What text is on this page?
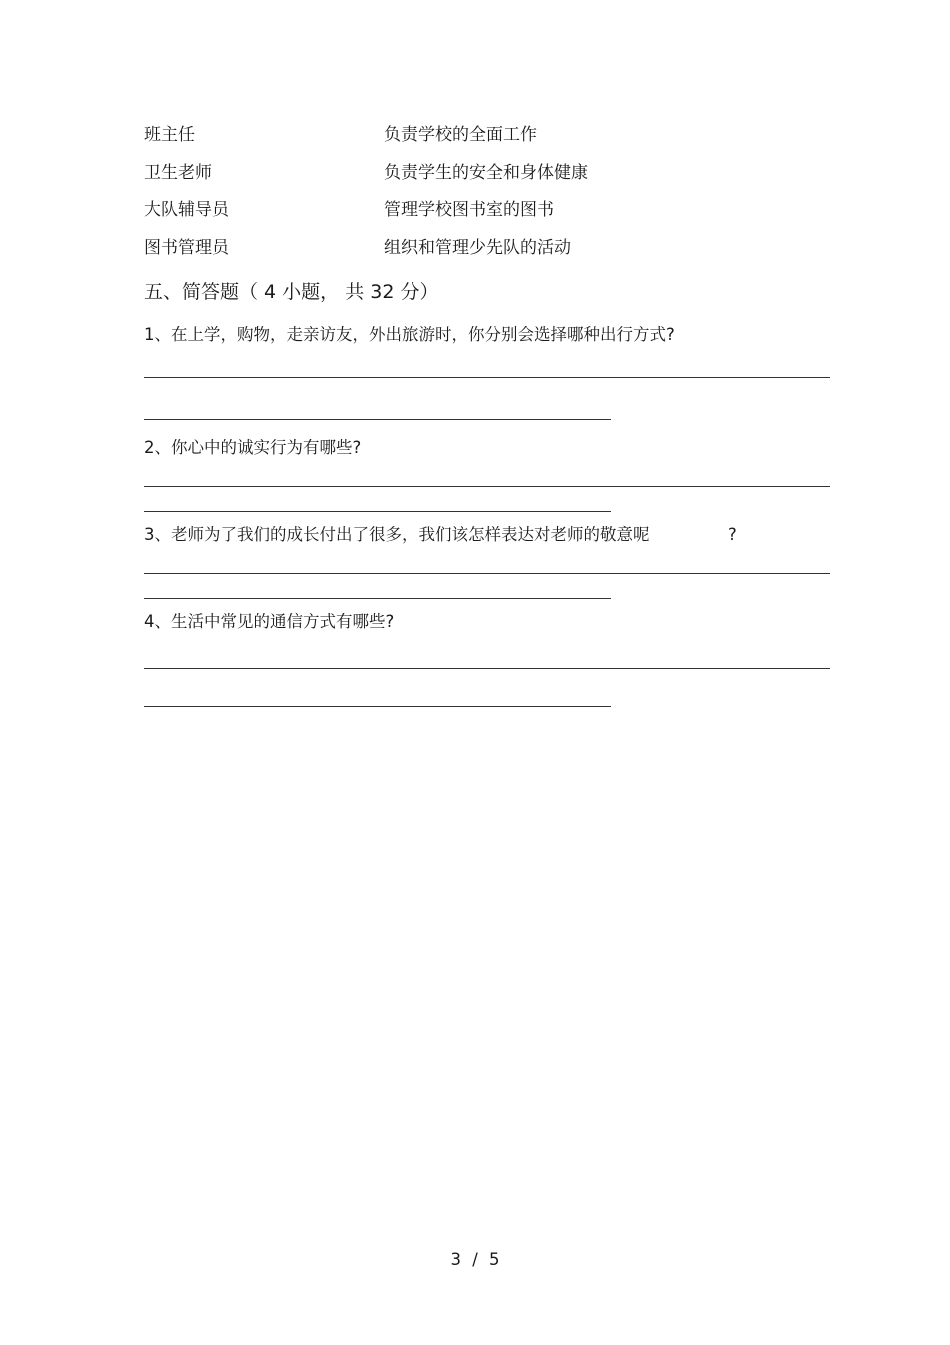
班主任	负责学校的全面工作
卫生老师	负责学生的安全和身体健康
大队辅导员	管理学校图书室的图书
图书管理员	组织和管理少先队的活动
五、简答题（ 4 小题， 共 32 分）
1、在上学，购物，走亲访友，外出旅游时，你分别会选择哪种出行方式?
2、你心中的诚实行为有哪些?
3、老师为了我们的成长付出了很多，我们该怎样表达对老师的敬意呢	?
4、生活中常见的通信方式有哪些?
3 / 5
